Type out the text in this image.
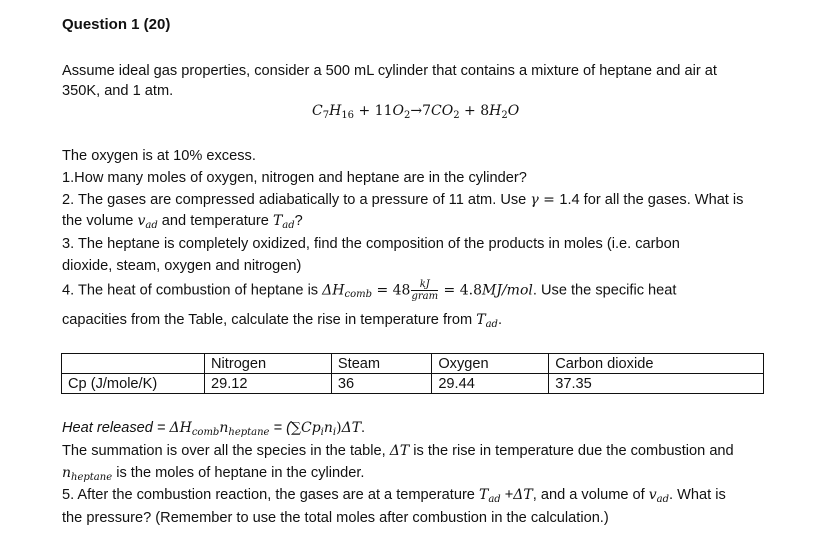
Question 1 (20)
Assume ideal gas properties, consider a 500 mL cylinder that contains a mixture of heptane and air at
350K, and 1 atm.
$C_7H_{16} + 11O_2\to 7CO_2 + 8H_2O$
The oxygen is at 10% excess.
1.How many moles of oxygen, nitrogen and heptane are in the cylinder?
2. The gases are compressed adiabatically to a pressure of 11 atm. Use γ = 1.4 for all the gases. What is
the volume $v_{ad}$ and temperature $T_{ad}$?
3. The heptane is completely oxidized, find the composition of the products in moles (i.e. carbon
dioxide, steam, oxygen and nitrogen)
4. The heat of combustion of heptane is $\Delta H_{comb} = 48 \frac{kJ}{\text{gram}} = 4.8MJ/mol$. Use the specific heat
capacities from the Table, calculate the rise in temperature from $T_{ad}$.
	Nitrogen	Steam	Oxygen	Carbon dioxide
Cp (J/mole/K)	29.12	36	29.44	37.35
Heat released = $\Delta H_{comb}n_{heptane} = (\sum Cp_in_i)\Delta T$.
The summation is over all the species in the table, ΔT is the rise in temperature due the combustion and
$n_{heptane}$ is the moles of heptane in the cylinder.
5. After the combustion reaction, the gases are at a temperature $T_{ad} +\Delta T$, and a volume of $v_{ad}$. What is
the pressure? (Remember to use the total moles after combustion in the calculation.)
